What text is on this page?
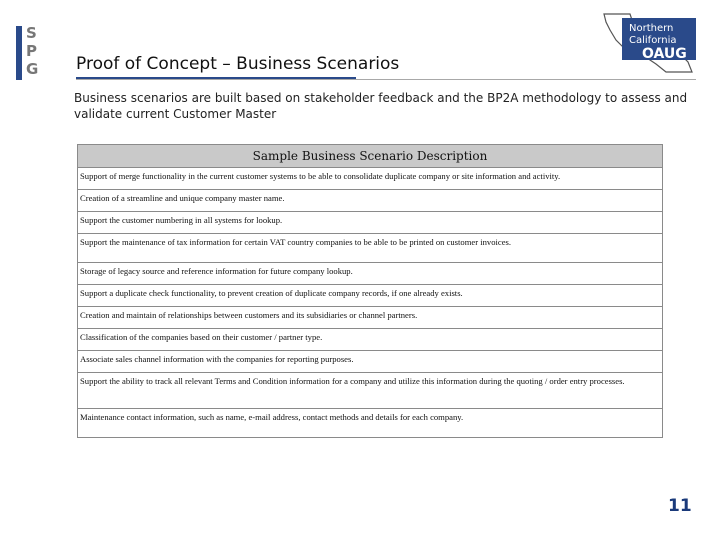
S
P
G	Proof of Concept – Business Scenarios
Northern
California
OAUG
Business scenarios are built based on stakeholder feedback and the BP2A methodology to assess and validate current Customer Master
Sample Business Scenario Description
Support of merge functionality in the current customer systems to be able to consolidate duplicate company or site information and activity.
Creation of a streamline and unique company master name.
Support the customer numbering in all systems for lookup.
Support the maintenance of tax information for certain VAT country companies to be able to be printed on customer invoices.
Storage of legacy source and reference information for future company lookup.
Support a duplicate check functionality, to prevent creation of duplicate company records, if one already exists.
Creation and maintain of relationships between customers and its subsidiaries or channel partners.
Classification of the companies based on their customer / partner type.
Associate sales channel information with the companies for reporting purposes.
Support the ability to track all relevant Terms and Condition information for a company and utilize this information during the quoting / order entry processes.
Maintenance contact information, such as name, e-mail address, contact methods and details for each company.
11
